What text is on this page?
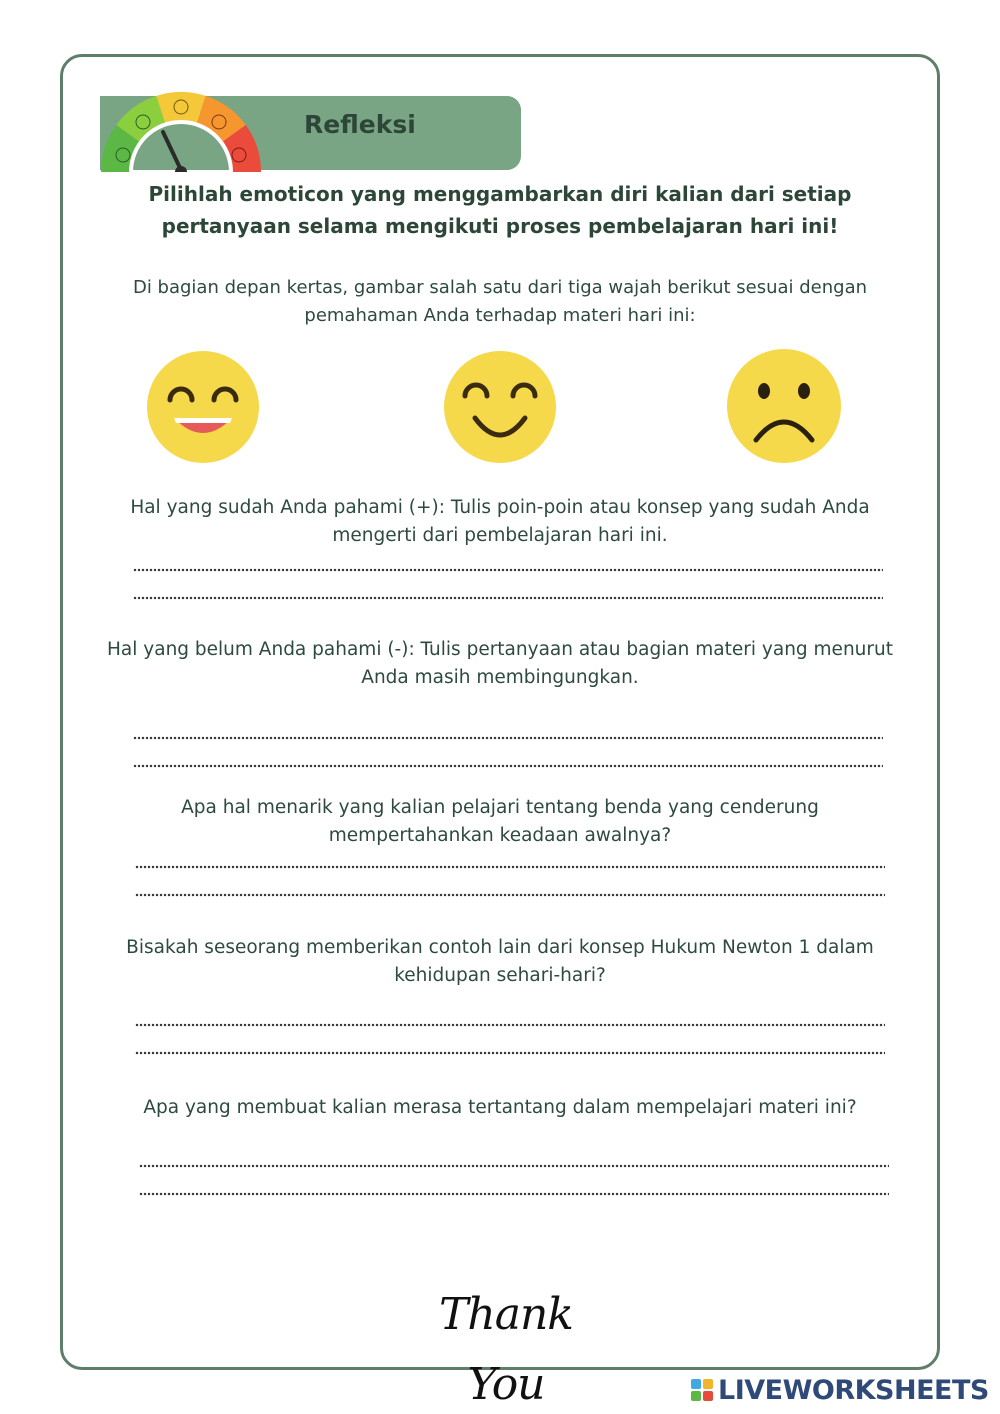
Refleksi
Pilihlah emoticon yang menggambarkan diri kalian dari setiap pertanyaan selama mengikuti proses pembelajaran hari ini!
Di bagian depan kertas, gambar salah satu dari tiga wajah berikut sesuai dengan pemahaman Anda terhadap materi hari ini:
Hal yang sudah Anda pahami (+): Tulis poin-poin atau konsep yang sudah Anda mengerti dari pembelajaran hari ini.
Hal yang belum Anda pahami (-): Tulis pertanyaan atau bagian materi yang menurut Anda masih membingungkan.
Apa hal menarik yang kalian pelajari tentang benda yang cenderung mempertahankan keadaan awalnya?
Bisakah seseorang memberikan contoh lain dari konsep Hukum Newton 1 dalam kehidupan sehari-hari?
Apa yang membuat kalian merasa tertantang dalam mempelajari materi ini?
Thank You	LIVEWORKSHEETS
